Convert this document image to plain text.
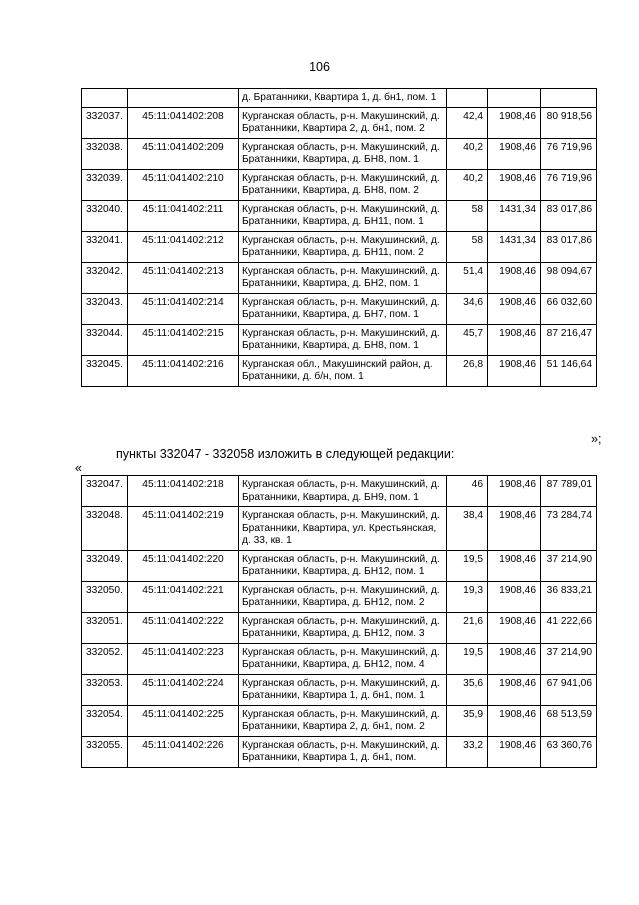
106
		д. Братанники, Квартира 1, д. бн1, пом. 1			
332037.	45:11:041402:208	Курганская область, р-н. Макушинский, д. Братанники, Квартира 2, д. бн1, пом. 2	42,4	1908,46	80 918,56
332038.	45:11:041402:209	Курганская область, р-н. Макушинский, д. Братанники, Квартира, д. БН8, пом. 1	40,2	1908,46	76 719,96
332039.	45:11:041402:210	Курганская область, р-н. Макушинский, д. Братанники, Квартира, д. БН8, пом. 2	40,2	1908,46	76 719,96
332040.	45:11:041402:211	Курганская область, р-н. Макушинский, д. Братанники, Квартира, д. БН11, пом. 1	58	1431,34	83 017,86
332041.	45:11:041402:212	Курганская область, р-н. Макушинский, д. Братанники, Квартира, д. БН11, пом. 2	58	1431,34	83 017,86
332042.	45:11:041402:213	Курганская область, р-н. Макушинский, д. Братанники, Квартира, д. БН2, пом. 1	51,4	1908,46	98 094,67
332043.	45:11:041402:214	Курганская область, р-н. Макушинский, д. Братанники, Квартира, д. БН7, пом. 1	34,6	1908,46	66 032,60
332044.	45:11:041402:215	Курганская область, р-н. Макушинский, д. Братанники, Квартира, д. БН8, пом. 1	45,7	1908,46	87 216,47
332045.	45:11:041402:216	Курганская обл., Макушинский район, д. Братанники, д. б/н, пом. 1	26,8	1908,46	51 146,64
»;
пункты 332047 - 332058 изложить в следующей редакции:
«
332047.	45:11:041402:218	Курганская область, р-н. Макушинский, д. Братанники, Квартира, д. БН9, пом. 1	46	1908,46	87 789,01
332048.	45:11:041402:219	Курганская область, р-н. Макушинский, д. Братанники, Квартира, ул. Крестьянская, д. 33, кв. 1	38,4	1908,46	73 284,74
332049.	45:11:041402:220	Курганская область, р-н. Макушинский, д. Братанники, Квартира, д. БН12, пом. 1	19,5	1908,46	37 214,90
332050.	45:11:041402:221	Курганская область, р-н. Макушинский, д. Братанники, Квартира, д. БН12, пом. 2	19,3	1908,46	36 833,21
332051.	45:11:041402:222	Курганская область, р-н. Макушинский, д. Братанники, Квартира, д. БН12, пом. 3	21,6	1908,46	41 222,66
332052.	45:11:041402:223	Курганская область, р-н. Макушинский, д. Братанники, Квартира, д. БН12, пом. 4	19,5	1908,46	37 214,90
332053.	45:11:041402:224	Курганская область, р-н. Макушинский, д. Братанники, Квартира 1, д. бн1, пом. 1	35,6	1908,46	67 941,06
332054.	45:11:041402:225	Курганская область, р-н. Макушинский, д. Братанники, Квартира 2, д. бн1, пом. 2	35,9	1908,46	68 513,59
332055.	45:11:041402:226	Курганская область, р-н. Макушинский, д. Братанники, Квартира 1, д. бн1, пом.	33,2	1908,46	63 360,76
